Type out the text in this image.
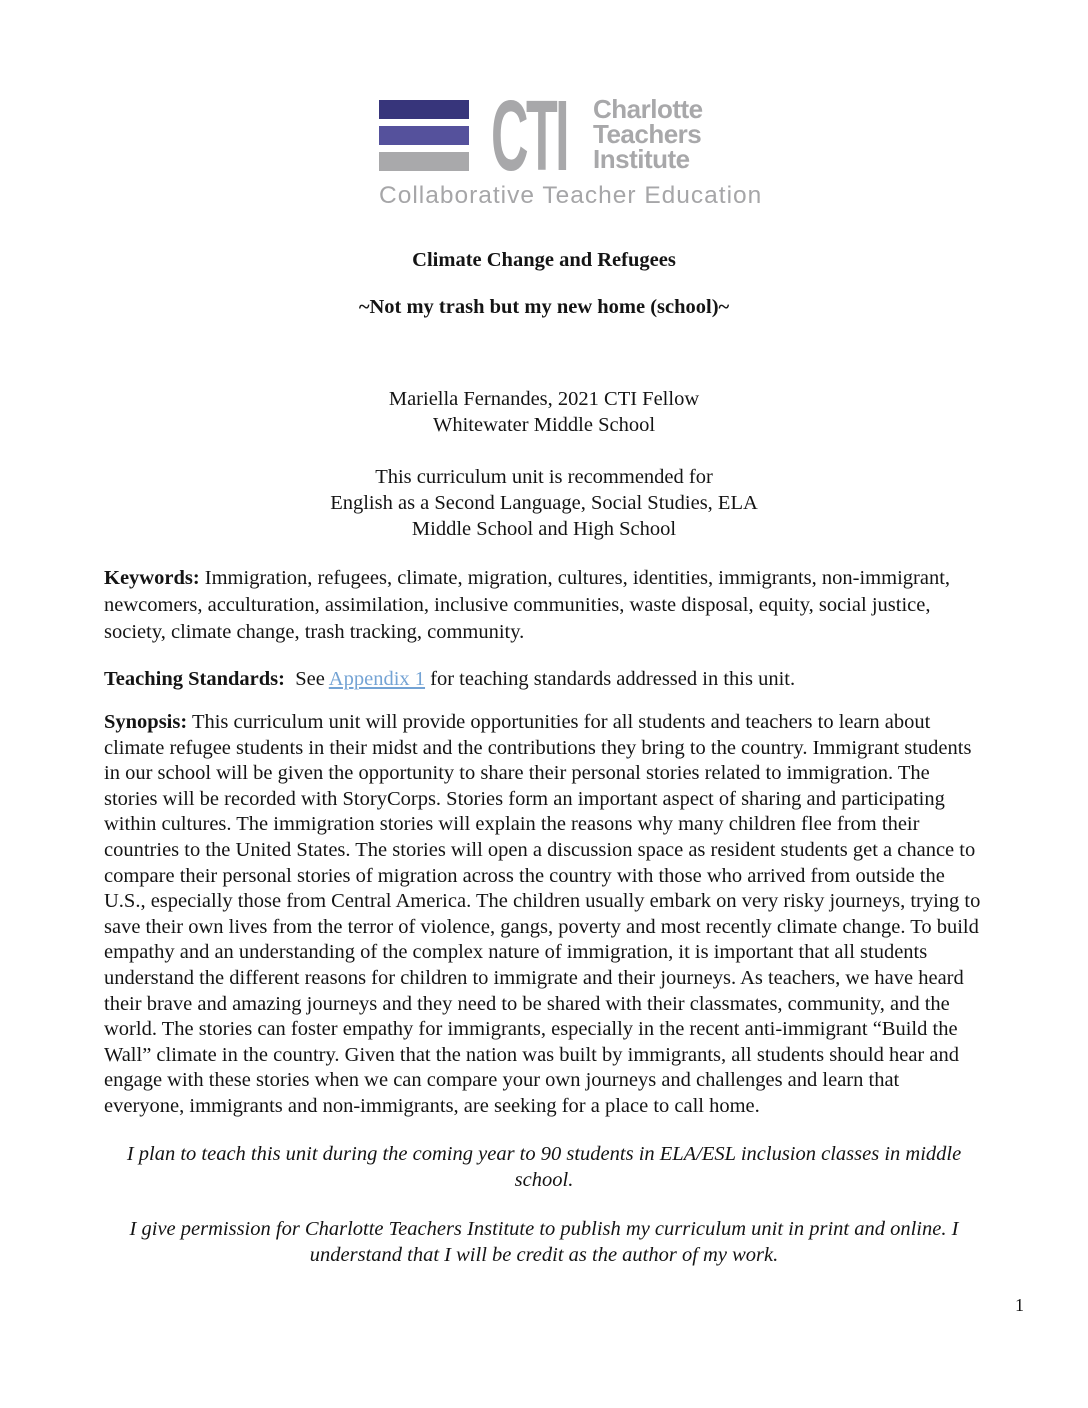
CTI Charlotte
Teachers
Institute
Collaborative Teacher Education
Climate Change and Refugees
~Not my trash but my new home (school)~
Mariella Fernandes, 2021 CTI Fellow
Whitewater Middle School
This curriculum unit is recommended for
English as a Second Language, Social Studies, ELA
Middle School and High School

Keywords: Immigration, refugees, climate, migration, cultures, identities, immigrants, non-immigrant, newcomers, acculturation, assimilation, inclusive communities, waste disposal, equity, social justice, society, climate change, trash tracking, community.

Teaching Standards:  See Appendix 1 for teaching standards addressed in this unit.

Synopsis: This curriculum unit will provide opportunities for all students and teachers to learn about climate refugee students in their midst and the contributions they bring to the country. Immigrant students in our school will be given the opportunity to share their personal stories related to immigration. The stories will be recorded with StoryCorps. Stories form an important aspect of sharing and participating within cultures. The immigration stories will explain the reasons why many children flee from their countries to the United States. The stories will open a discussion space as resident students get a chance to compare their personal stories of migration across the country with those who arrived from outside the U.S., especially those from Central America. The children usually embark on very risky journeys, trying to save their own lives from the terror of violence, gangs, poverty and most recently climate change. To build empathy and an understanding of the complex nature of immigration, it is important that all students understand the different reasons for children to immigrate and their journeys. As teachers, we have heard their brave and amazing journeys and they need to be shared with their classmates, community, and the world. The stories can foster empathy for immigrants, especially in the recent anti-immigrant “Build the Wall” climate in the country. Given that the nation was built by immigrants, all students should hear and engage with these stories when we can compare your own journeys and challenges and learn that everyone, immigrants and non-immigrants, are seeking for a place to call home.

I plan to teach this unit during the coming year to 90 students in ELA/ESL inclusion classes in middle school.

I give permission for Charlotte Teachers Institute to publish my curriculum unit in print and online. I understand that I will be credit as the author of my work.

1
